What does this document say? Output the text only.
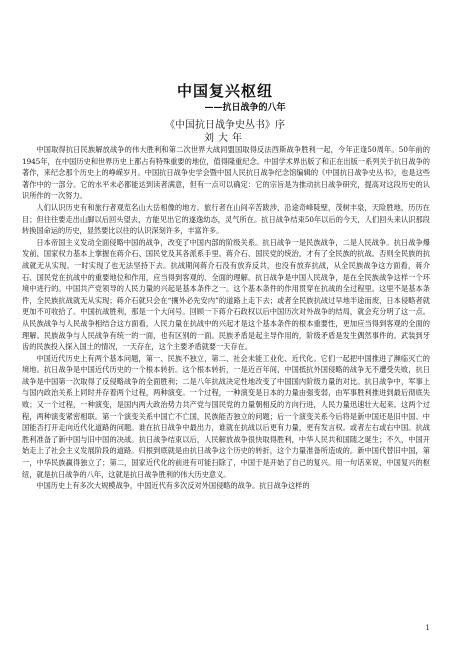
中国复兴枢纽
——抗日战争的八年
《中国抗日战争史丛书》序
刘大年

中国取得抗日民族解放战争的伟大胜利和第二次世界大战同盟国取得反法西斯战争胜利一起，今年正逢50周年。50年前的1945年，在中国历史和世界历史上都占有特殊重要的地位，值得隆重纪念。中国学术界出版了和正在出版一系列关于抗日战争的著作，来纪念那个历史上的峥嵘岁月。中国抗日战争史学会暨中国人民抗日战争纪念馆编辑的《中国抗日战争史丛书》，也是这些著作中的一部分。它的水平未必都能达到读者满意，但有一点可以确定：它的宗旨是为推动抗日战争研究，提高对这段历史的认识所作的一次努力。

人们认识历史有和旅行者观览名山大岳相像的地方。旅行者在山间辛苦跋涉，沿途奇峰陡壁，茂树丰泉，天险胜地，历历在目；但往往要走出山脚以后回头望去，方能见出它的遂逸幼态，灵气所在。抗日战争结束50年以后的今天，人们回头来认识那段转换国命运的历史，显然要比以往的认识深刻许多，丰富许多。

日本帝国主义发动全面侵略中国的战争，改变了中国内部的阶级关系。抗日战争一是民族战争，二是人民战争。抗日战争爆发前，国家权力基本上掌握在蒋介石、国民党及其各派系手里。蒋介石、国民党的统治，才有了全民族的抗战。否则全民族的抗战就无从实现。一时实现了也无法坚持下去。抗战期间蒋介石没有放弃反共，也没有放弃抗战，从全民族战争这方面看，蒋介石、国民党在抗战中的重要地位和作用，应当得到客观的、全面的理解。抗日战争是中国人民战争，是在全民族战争这样一个环境中进行的。中国共产党领导的人民力量的兴起是基本条件之一。这个基本条件的作用贯穿在抗战的全过程里。这里不是基本条件，全民族抗战就无从实现；蒋介石就只会在“攘外必先安内”的道路上走下去；或者全民族抗战过早地半途而废，日本侵略者就更加不可收拾了。中国抗战胜利，那是一个大问号。回顾一下蒋介石政权以后中国历次对外战争的结局，就会充分明了这一点。从民族战争与人民战争相结合这方面看，人民力量在抗战中的兴起才是这个基本条件的根本重要性，更加应当得到客观的全面的理解。民族战争与人民战争有统一的一面，也有区别的一面。民族矛盾是起主导作用的，阶级矛盾是发生偶然事件的。武装到牙齿的民族投入探入国土的情况，一天存在，这个主要矛盾就要一天存在。

中国近代历史上有两个基本问题，第一、民族不独立，第二、社会未能工业化、近代化。它们一起把中国推进了濒临灭亡的境地。抗日战争是中国近代历史的一个根本转折。这个根本转折，一是近百年间，中国抵抗外国侵略的战争无不遭受失败，抗日战争是中国第一次取得了反侵略战争的全面胜利；二是八年抗战决定性地改变了中国国内阶级力量的对比。抗日战争中，军事上与国内政治关系上同时并存着两个过程，两种演变。一个过程，一种演变是日本的力量由强变弱，由军事胜利推进到最后彻底失败；又一个过程，一种演变，是国内两大政治势力共产党与国民党的力量朝相反的方向行进，人民力量迅速壮大起来。这两个过程，两种演变紧密相联。第一个演变关系中国亡不亡国，民族能否独立的问题；后一个演变关系今后将是新中国还是旧中国、中国能否打开走向近代化道路的问题。谁在抗日战争中最出力，谁就在抗战以后更有力量，更有发言权。或者左右或右中国。抗战胜利准备了新中国与旧中国的决战。抗日战争结束以后，人民解放战争很快取得胜利，中华人民共和国随之诞生；不久，中国开始走上了社会主义发展阶段的道路。归根到底就是由抗日战争这个历史的转折，这个力量准备所造成的。新中国代替旧中国，第一，中华民族赢得独立了；第二，国家近代化的前进有可能扫除了，中国于是开始了自己的复兴。用一句话来说，中国复兴的枢纽，就是抗日战争的八年，这就是抗日战争胜利的伟大历史意义。

中国历史上有多次大规模战争，中国近代有多次反对外国侵略的战争。抗日战争这样的

1
